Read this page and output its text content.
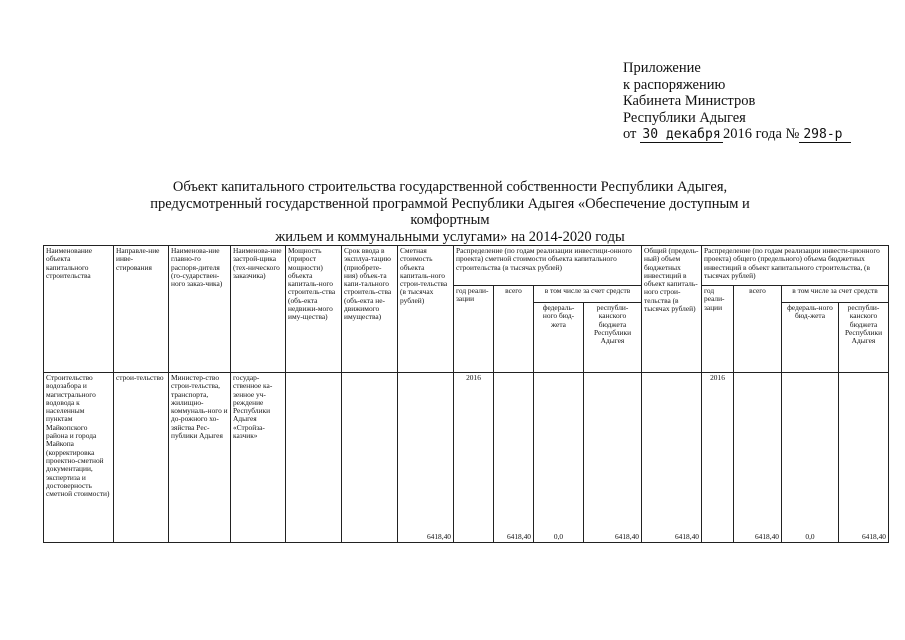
Приложение
к распоряжению
Кабинета Министров
Республики Адыгея
от 30 декабря 2016 года № 298-р
Объект капитального строительства государственной собственности Республики Адыгея,
предусмотренный государственной программой Республики Адыгея «Обеспечение доступным и комфортным
жильем и коммунальными услугами» на 2014-2020 годы
Наименование объекта капитального строительства	Направле-ние инве-стирования	Наименова-ние главно-го распоря-дителя (го-сударствен-ного заказ-чика)	Наименова-ние застрой-щика (тех-нического заказчика)	Мощность (прирост мощности) объекта капиталь-ного строитель-ства (объ-екта недвижи-мого иму-щества)	Срок ввода в эксплуа-тацию (приобрете-ния) объек-та капи-тального строитель-ства (объ-екта не-движимого имущества)	Сметная стоимость объекта капиталь-ного строи-тельства (в тысячах рублей)	Распределение (по годам реализации инвестици-онного проекта) сметной стоимости объекта капитального строительства (в тысячах рублей)				Общий (предель-ный) объем бюджетных инвестиций в объект капиталь-ного строи-тельства (в тысячах рублей)	Распределение (по годам реализации инвести-ционного проекта) общего (предельного) объема бюджетных инвестиций в объект капитального строительства, (в тысячах рублей)			
							год реали-зации	всего	в том числе за счет средств			год реали-зации	всего	в том числе за счет средств	
									федераль-ного бюд-жета	республи-канского бюджета Республики Адыгея				федераль-ного бюд-жета	республи-канского бюджета Республики Адыгея
Строительство водозабора и магистрального водовода к населенным пунктам Майкопского района и города Майкопа (корректировка проектно-сметной документации, экспертиза и достоверность сметной стоимости)	строи-тельство	Министер-ство строи-тельства, транспорта, жилищно-коммуналь-ного и до-рожного хо-зяйства Рес-публики Адыгея	государ-ственное ка-зенное уч-реждение Республики Адыгея «Стройза-казчик»			6418,40	2016	6418,40	0,0	6418,40	6418,40	2016	6418,40	0,0	6418,40
